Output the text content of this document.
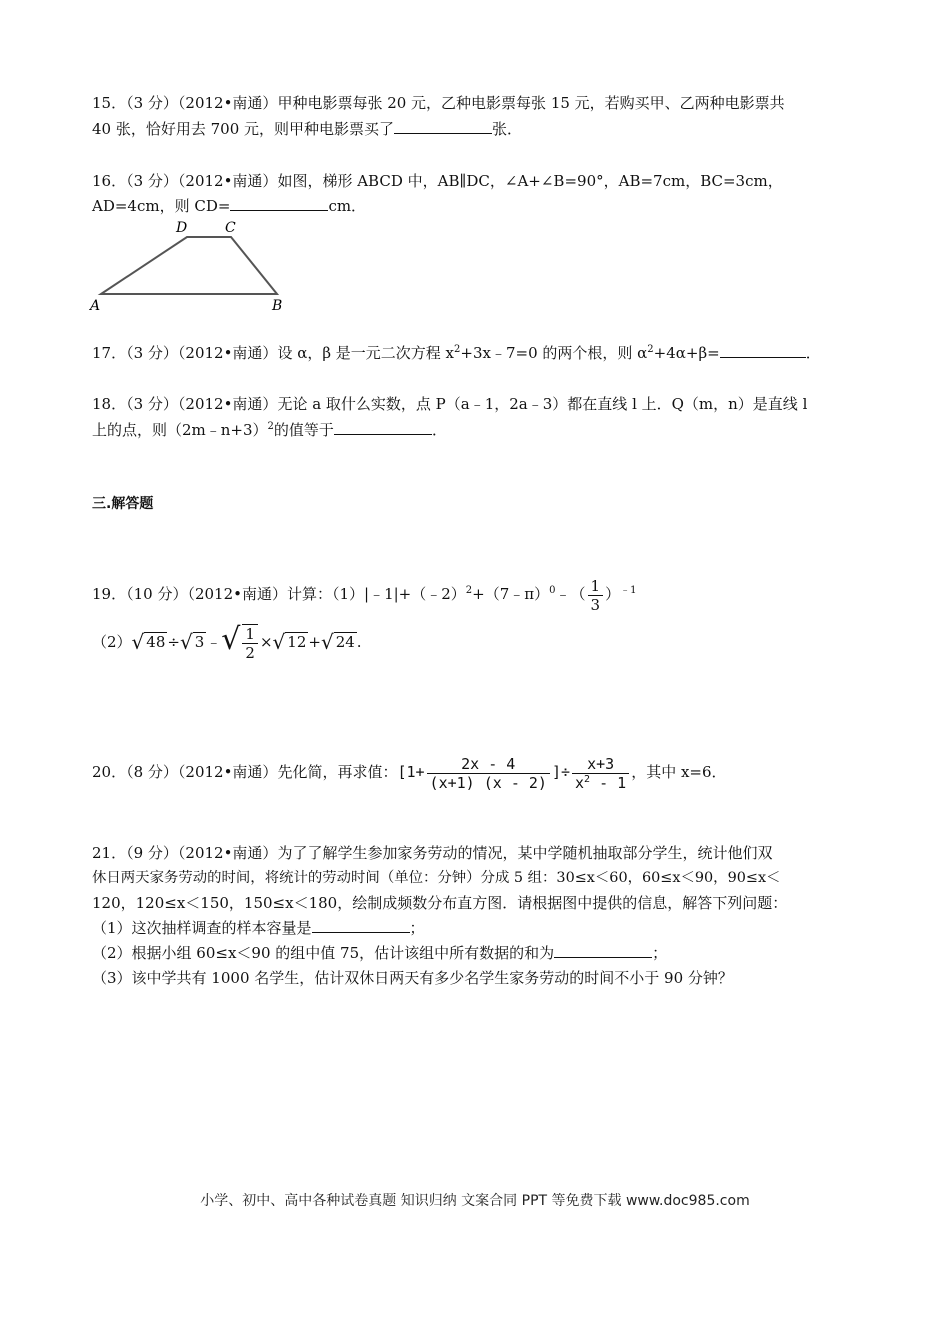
15．（3 分）（2012•南通）甲种电影票每张 20 元，乙种电影票每张 15 元，若购买甲、乙两种电影票共
40 张，恰好用去 700 元，则甲种电影票买了	张．
16．（3 分）（2012•南通）如图，梯形 ABCD 中，AB∥DC，∠A+∠B=90°，AB=7cm，BC=3cm，
AD=4cm，则 CD=	cm．
A	B
C
D
17．（3 分）（2012•南通）设 α，β 是一元二次方程 $x^2+3x﹣7=0$ 的两个根，则 $\alpha^2+4\alpha+\beta=$	．
18．（3 分）（2012•南通）无论 a 取什么实数，点 P（a﹣1，2a﹣3）都在直线 l 上．Q（m，n）是直线 l
上的点，则（2m﹣n+3）$^2$的值等于	．
三.解答题
19．（10 分）（2012•南通）计算：（1）|﹣1|+（﹣2）$^2$+（7﹣π）$^0$﹣（ $\frac{1}{3} )^{﹣1}$
（2）√ 48 ÷√ 3 ﹣√ $\frac{1}{2}$ ×√ 12 +√ 24 .
20．（8 分）（2012•南通）先化简，再求值：[$1+ \frac{2x - 4}{(x+1) (x - 2)}$ ]÷ $\frac{x+3}{x^2 - 1}$ ，其中 x=6．
21．（9 分）（2012•南通）为了了解学生参加家务劳动的情况，某中学随机抽取部分学生，统计他们双
休日两天家务劳动的时间，将统计的劳动时间（单位：分钟）分成 5 组：30≤x＜60，60≤x＜90，90≤x＜
120，120≤x＜150，150≤x＜180，绘制成频数分布直方图．请根据图中提供的信息，解答下列问题：
（1）这次抽样调查的样本容量是	；
（2）根据小组 60≤x＜90 的组中值 75，估计该组中所有数据的和为	；
（3）该中学共有 1000 名学生，估计双休日两天有多少名学生家务劳动的时间不小于 90 分钟？
小学、初中、高中各种试卷真题 知识归纳 文案合同 PPT 等免费下载 www.doc985.com
